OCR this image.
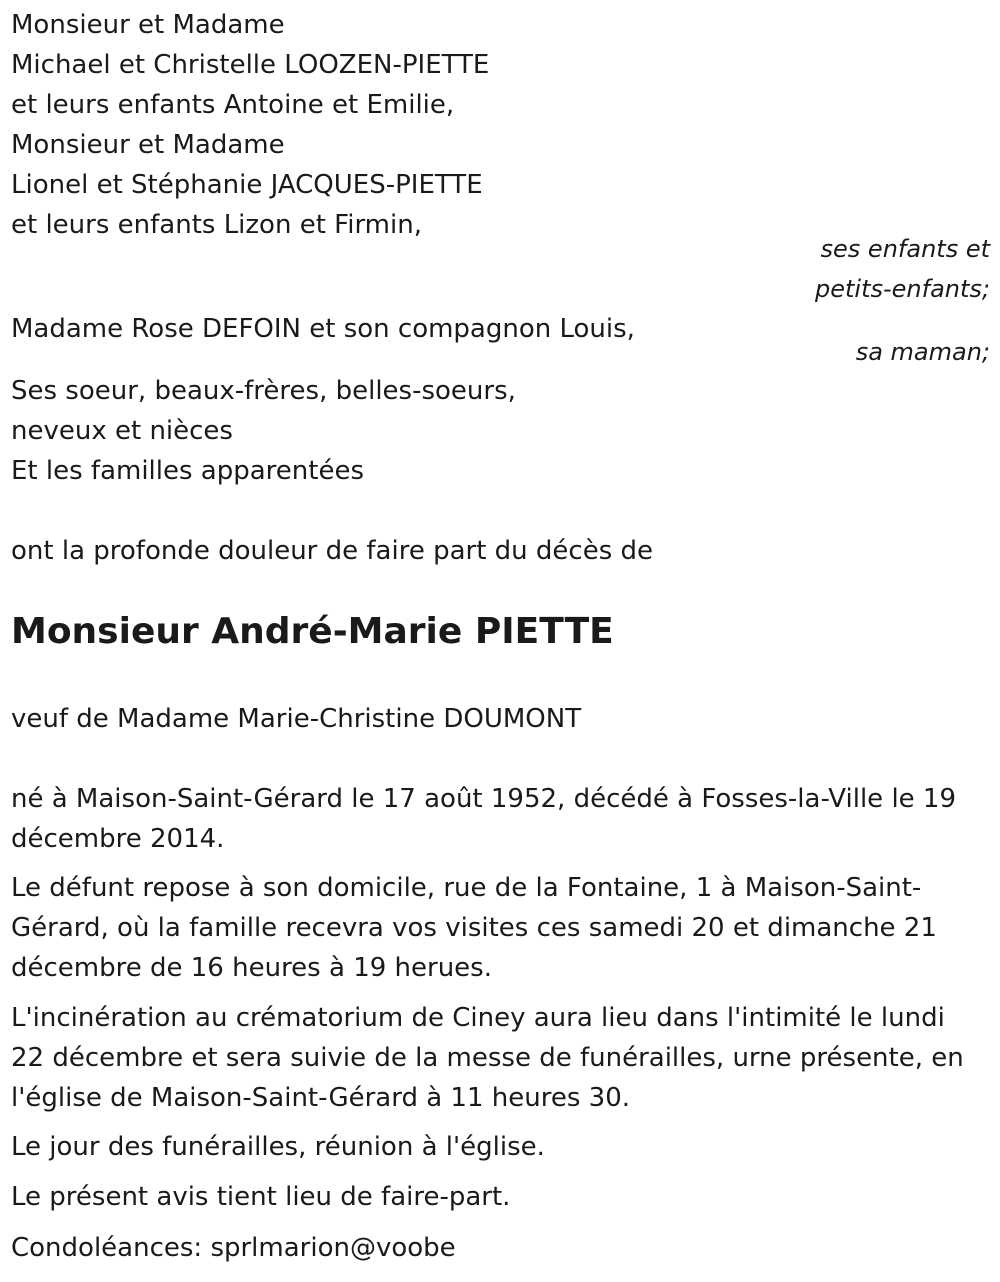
Monsieur et Madame

Michael et Christelle LOOZEN-PIETTE

et leurs enfants Antoine et Emilie,

Monsieur et Madame

Lionel et Stéphanie JACQUES-PIETTE

et leurs enfants Lizon et Firmin,

ses enfants et

petits-enfants;

Madame Rose DEFOIN et son compagnon Louis,

sa maman;

Ses soeur, beaux-frères, belles-soeurs,

neveux et nièces

Et les familles apparentées

ont la profonde douleur de faire part du décès de

Monsieur André-Marie PIETTE

veuf de Madame Marie-Christine DOUMONT

né à Maison-Saint-Gérard le 17 août 1952, décédé à Fosses-la-Ville le 19

décembre 2014.

Le défunt repose à son domicile, rue de la Fontaine, 1 à Maison-Saint-

Gérard, où la famille recevra vos visites ces samedi 20 et dimanche 21

décembre de 16 heures à 19 herues.

L'incinération au crématorium de Ciney aura lieu dans l'intimité le lundi

22 décembre et sera suivie de la messe de funérailles, urne présente, en

l'église de Maison-Saint-Gérard à 11 heures 30.

Le jour des funérailles, réunion à l'église.

Le présent avis tient lieu de faire-part.

Condoléances: sprlmarion@voobe
